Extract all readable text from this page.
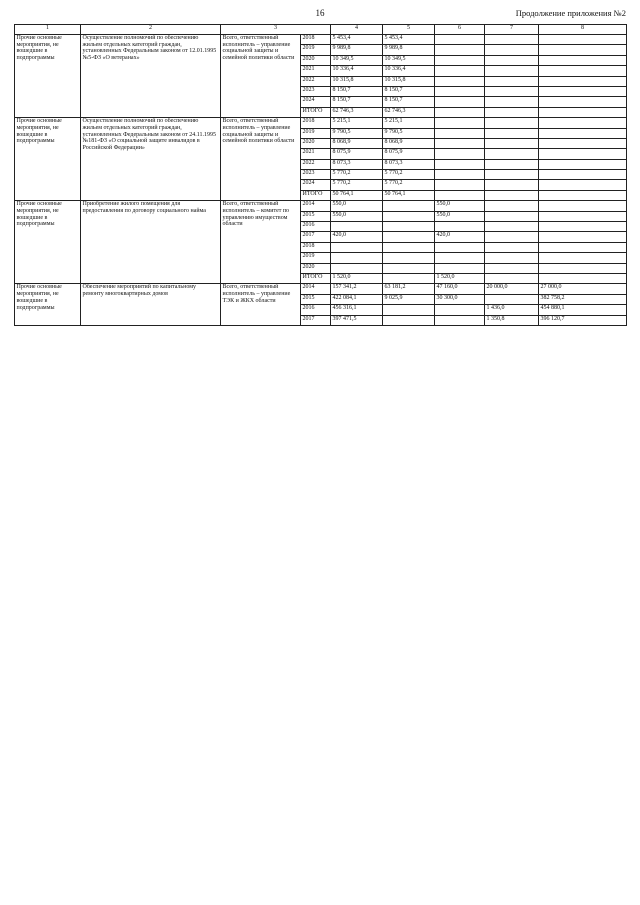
16	Продолжение приложения №2
1	2	3		4	5	6	7	8
Прочие основные мероприятия, не вошедшие в подпрограммы	Осуществление полномочий по обеспечению жильем отдельных категорий граждан, установленных Федеральным законом от 12.01.1995 №5-ФЗ «О ветеранах»	Всего, ответственный исполнитель – управление социальной защиты и семейной политики области	2018	5 453,4	5 453,4			
			2019	9 989,8	9 989,8			
			2020	10 349,5	10 349,5			
			2021	10 336,4	10 336,4			
			2022	10 315,8	10 315,8			
			2023	8 150,7	8 150,7			
			2024	8 150,7	8 150,7			
			ИТОГО	62 746,3	62 746,3			
Прочие основные мероприятия, не вошедшие в подпрограммы	Осуществление полномочий по обеспечению жильем отдельных категорий граждан, установленных Федеральным законом от 24.11.1995 №181-ФЗ «О социальной защите инвалидов в Российской Федерации»	Всего, ответственный исполнитель – управление социальной защиты и семейной политики области	2018	5 215,1	5 215,1			
			2019	9 790,5	9 790,5			
			2020	8 068,9	8 068,9			
			2021	8 075,9	8 075,9			
			2022	8 073,3	8 073,3			
			2023	5 770,2	5 770,2			
			2024	5 770,2	5 770,2			
			ИТОГО	50 764,1	50 764,1			
Прочие основные мероприятия, не вошедшие в подпрограммы	Приобретение жилого помещения для предоставления по договору социального найма	Всего, ответственный исполнитель – комитет по управлению имуществом области	2014	550,0		550,0		
			2015	550,0		550,0		
			2016					
			2017	420,0		420,0		
			2018					
			2019					
			2020					
			ИТОГО	1 520,0		1 520,0		
Прочие основные мероприятия, не вошедшие в подпрограммы	Обеспечение мероприятий по капитальному ремонту многоквартирных домов	Всего, ответственный исполнитель – управление ТЭК и ЖКХ области	2014	157 341,2	63 181,2	47 160,0	20 000,0	27 000,0
			2015	422 084,1	9 025,9	30 300,0		382 758,2
			2016	456 316,1			1 436,0	454 880,1
			2017	397 471,5			1 350,8	396 120,7
